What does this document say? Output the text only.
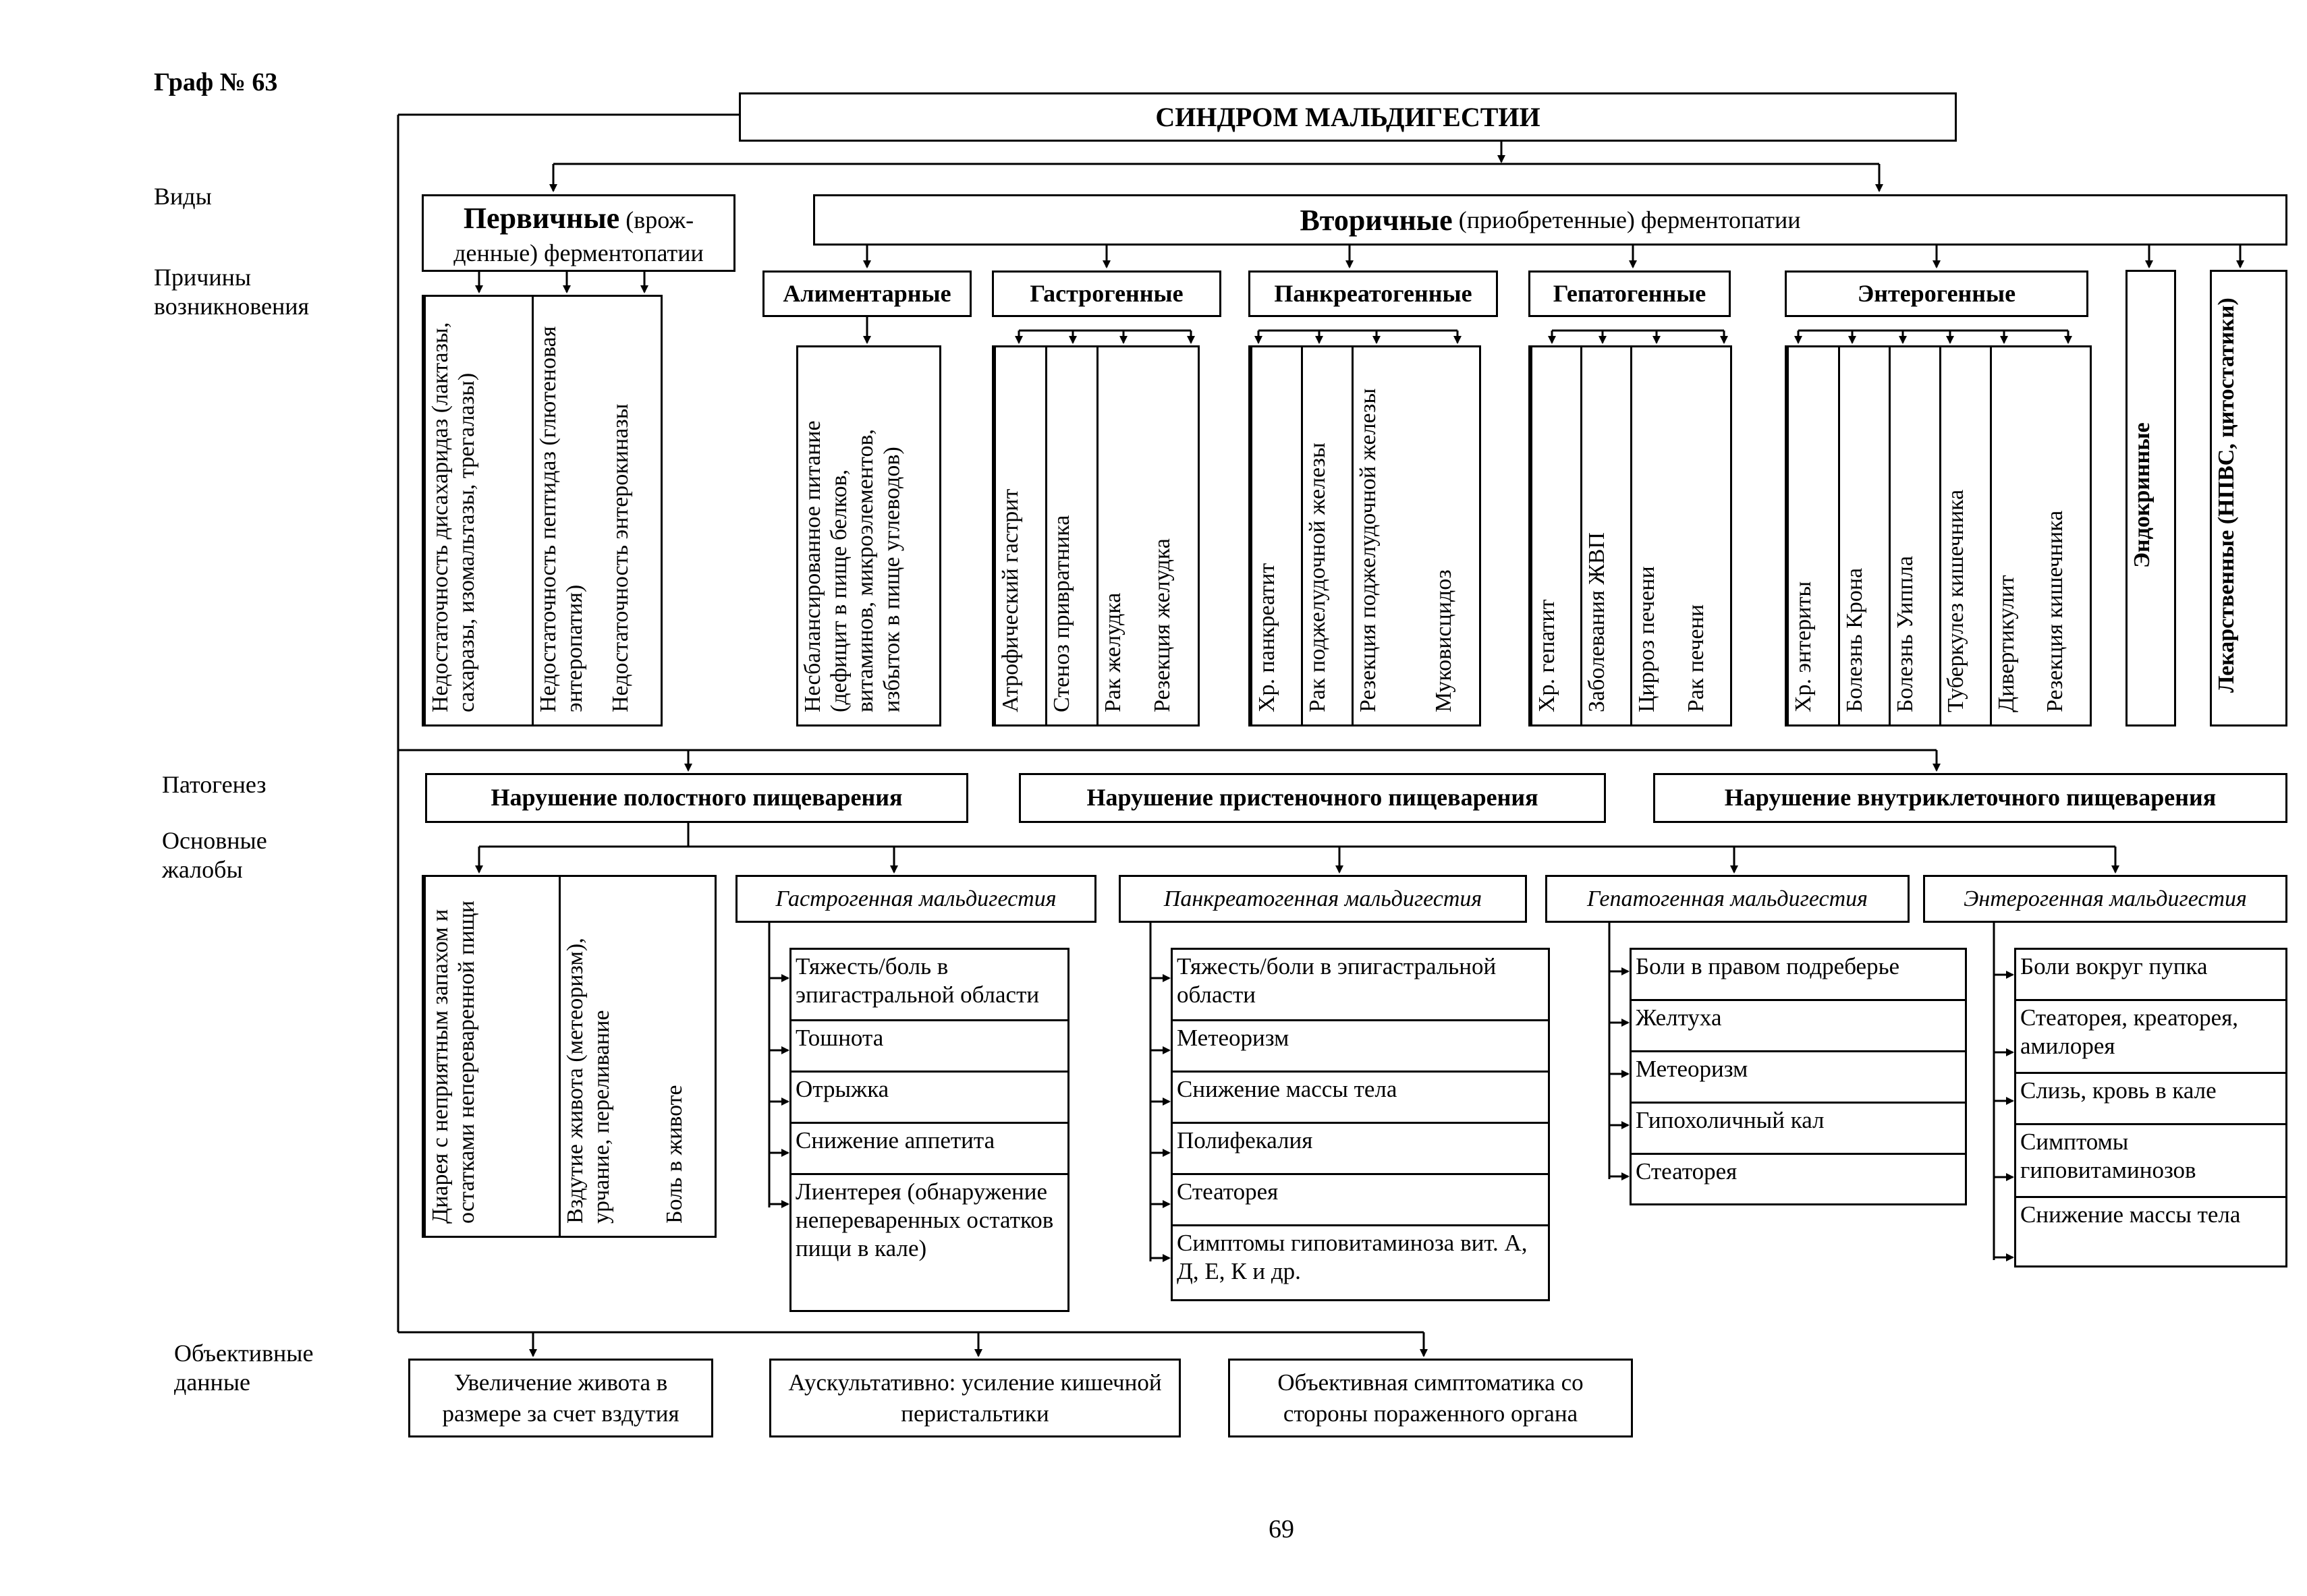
Граф № 63
Виды
Причины возникновения
Патогенез
Основные жалобы
Объективные данные
СИНДРОМ МАЛЬДИГЕСТИИ
Первичные (врож-
денные) ферментопатии
Вторичные
(приобретенные) ферментопатии
Алиментарные	Гастрогенные	Панкреатогенные	Гепатогенные	Энтерогенные
Недостаточность дисахаридаз (лактазы, сахаразы, изомальтазы, трегалазы)	Недостаточность пептидаз (глютеновая энтеропатия) Недостаточность энтерокиназы	Несбалансированное питание (дефицит в пище белков, витаминов, микроэлементов, избыток в пище углеводов)	Атрофический гастрит	Стеноз привратника	Рак желудка	Резекция желудка	Хр. панкреатит	Рак поджелудочной железы	Резекция поджелудочной железы	Муковисцидоз	Хр. гепатит	Заболевания ЖВП	Цирроз печени	Рак печени	Хр. энтериты	Болезнь Крона	Болезнь Уиппла	Туберкулез кишечника	Дивертикулит	Резекция кишечника
Эндокринные	Лекарственные (НПВС, цитостатики)
Нарушение полостного пищеварения	Нарушение пристеночного пищеварения	Нарушение внутриклеточного пищеварения
Диарея с неприятным запахом и остатками непереваренной пищи	Вздутие живота (метеоризм), урчание, переливание	Боль в животе
Гастрогенная мальдигестия	Панкреатогенная мальдигестия	Гепатогенная мальдигестия	Энтерогенная мальдигестия
Тяжесть/боль в эпигастральной области
Тошнота
Отрыжка
Снижение аппетита
Лиентерея (обнаружение непереваренных остатков пищи в кале)
Тяжесть/боли в эпигастральной области
Метеоризм
Снижение массы тела
Полифекалия
Стеаторея
Симптомы гиповитаминоза вит. А, Д, Е, К и др.
Боли в правом подреберье
Желтуха
Метеоризм
Гипохоличный кал
Стеаторея
Боли вокруг пупка
Стеаторея, креаторея, амилорея
Слизь, кровь в кале
Симптомы гиповитаминозов
Снижение массы тела
Увеличение живота в размере за счет вздутия
Аускультативно: усиление кишечной перистальтики
Объективная симптоматика со стороны пораженного органа
69
